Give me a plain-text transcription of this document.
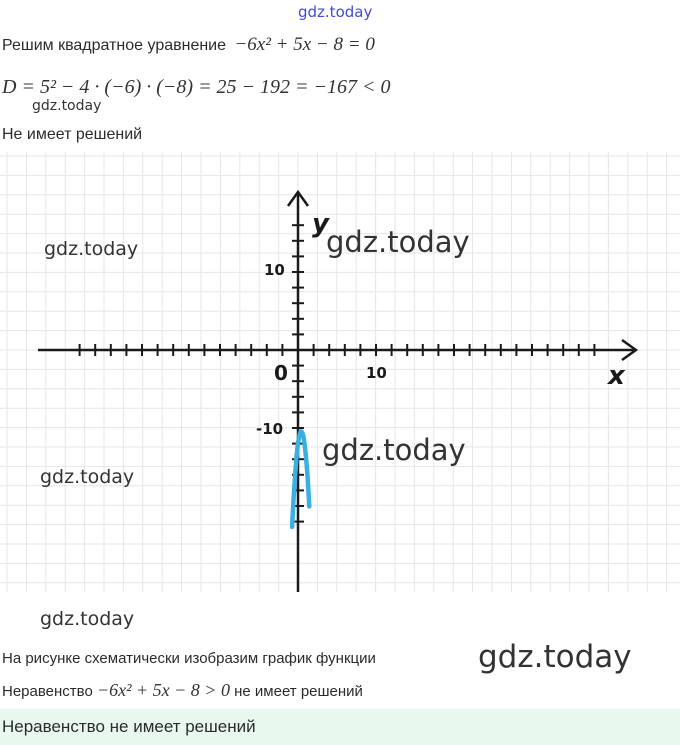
gdz.today
Решим квадратное уравнение −6x² + 5x − 8 = 0
D = 5² − 4 · (−6) · (−8) = 25 − 192 = −167 < 0
gdz.today
Не имеет решений
y
x
0	10
10
-10
gdz.today
gdz.today
gdz.today
gdz.today
gdz.today
На рисунке схематически изобразим график функции	gdz.today
Неравенство −6x² + 5x − 8 > 0 не имеет решений
Неравенство не имеет решений
